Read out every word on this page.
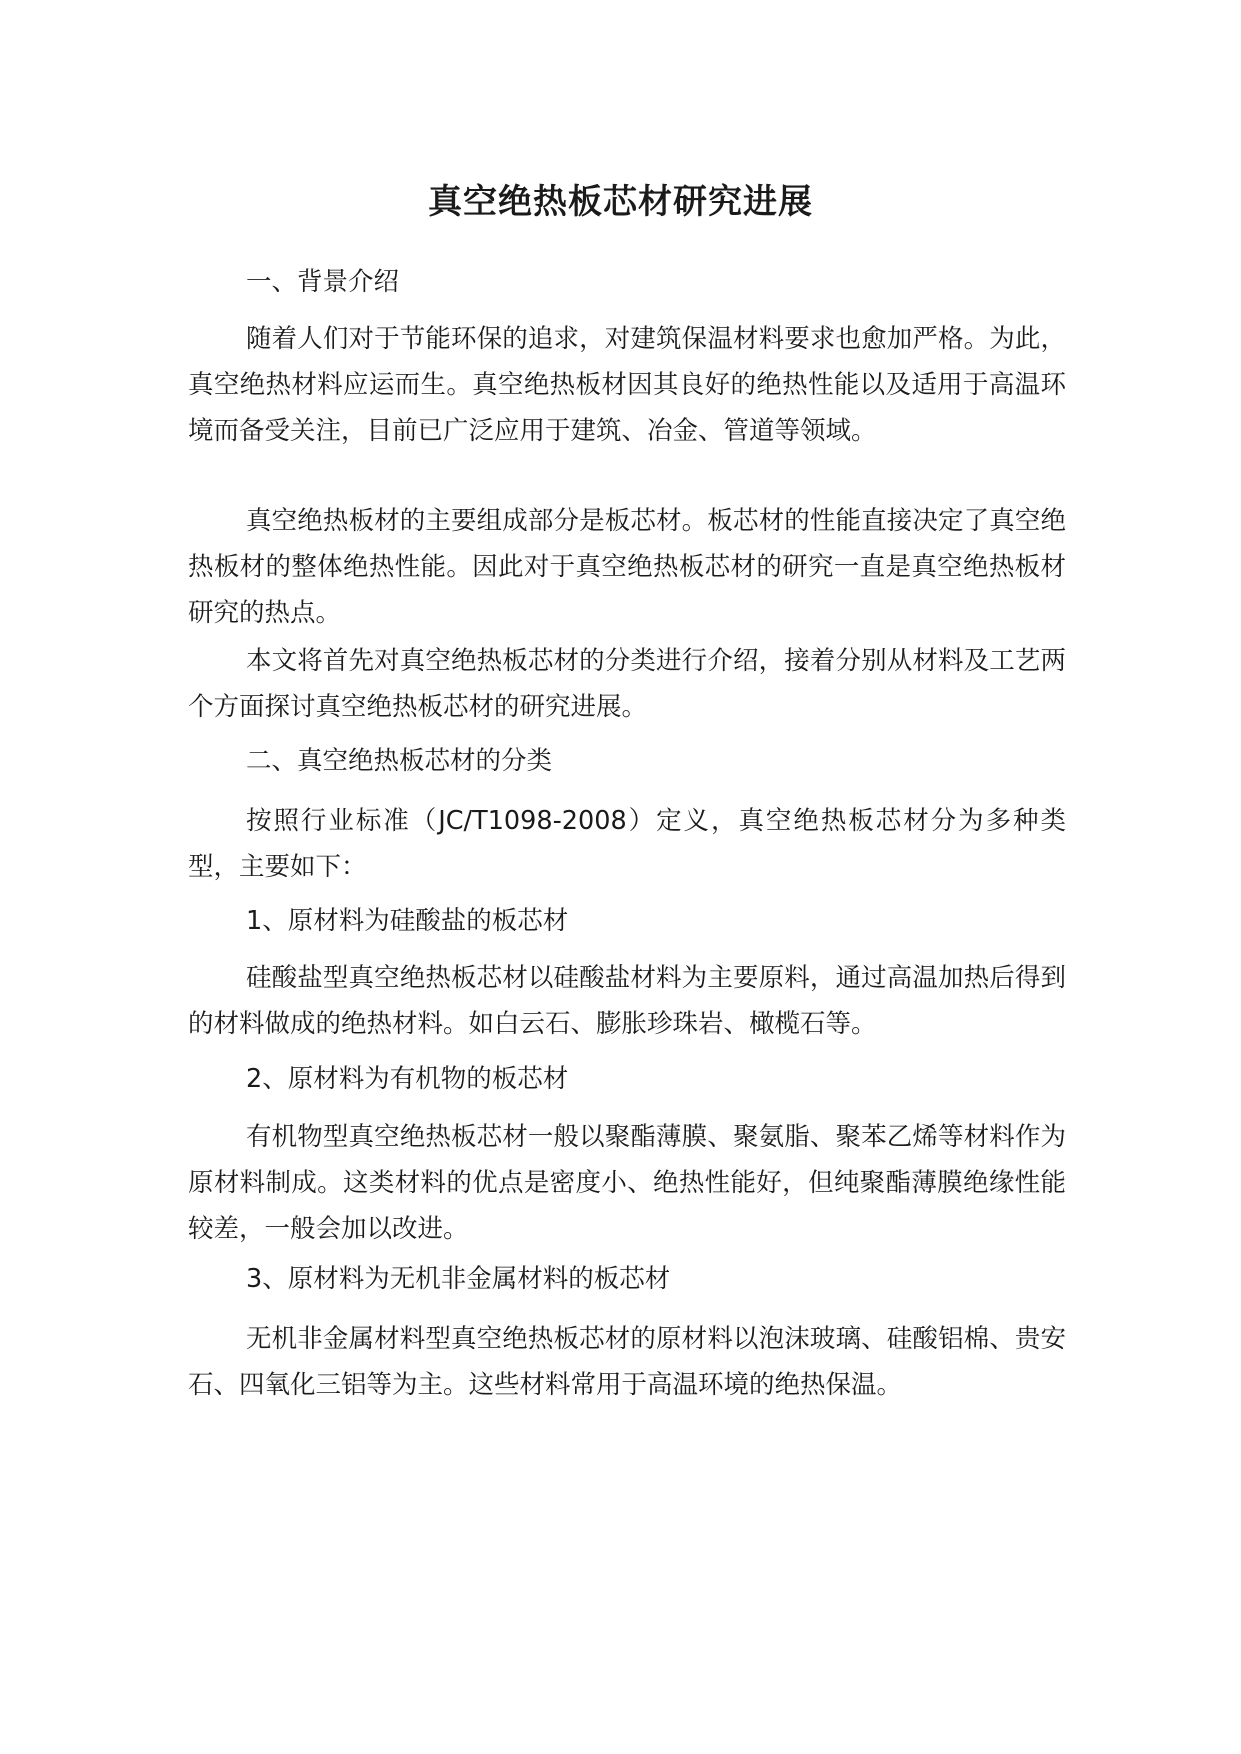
真空绝热板芯材研究进展

一、背景介绍

随着人们对于节能环保的追求，对建筑保温材料要求也愈加严格。为此，真空绝热材料应运而生。真空绝热板材因其良好的绝热性能以及适用于高温环境而备受关注，目前已广泛应用于建筑、冶金、管道等领域。

真空绝热板材的主要组成部分是板芯材。板芯材的性能直接决定了真空绝热板材的整体绝热性能。因此对于真空绝热板芯材的研究一直是真空绝热板材研究的热点。

本文将首先对真空绝热板芯材的分类进行介绍，接着分别从材料及工艺两个方面探讨真空绝热板芯材的研究进展。

二、真空绝热板芯材的分类

按照行业标准（JC/T1098-2008）定义，真空绝热板芯材分为多种类型，主要如下：

1、原材料为硅酸盐的板芯材

硅酸盐型真空绝热板芯材以硅酸盐材料为主要原料，通过高温加热后得到的材料做成的绝热材料。如白云石、膨胀珍珠岩、橄榄石等。

2、原材料为有机物的板芯材

有机物型真空绝热板芯材一般以聚酯薄膜、聚氨脂、聚苯乙烯等材料作为原材料制成。这类材料的优点是密度小、绝热性能好，但纯聚酯薄膜绝缘性能较差，一般会加以改进。

3、原材料为无机非金属材料的板芯材

无机非金属材料型真空绝热板芯材的原材料以泡沫玻璃、硅酸铝棉、贵安石、四氧化三铝等为主。这些材料常用于高温环境的绝热保温。
